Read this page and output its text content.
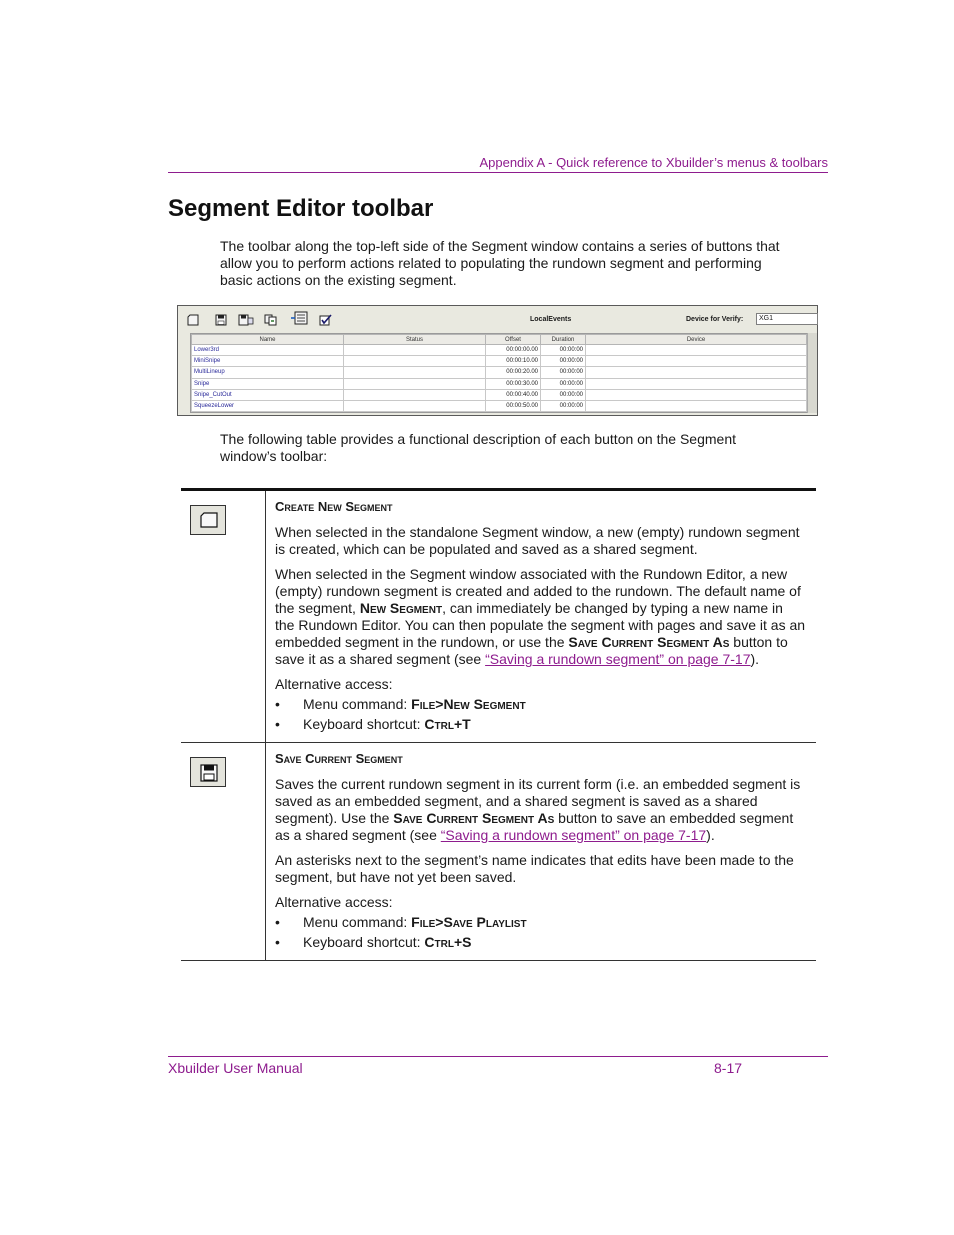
Appendix A - Quick reference to Xbuilder’s menus & toolbars
Segment Editor toolbar

The toolbar along the top-left side of the Segment window contains a series of buttons that allow you to perform actions related to populating the rundown segment and performing basic actions on the existing segment.

LocalEvents	Device for Verify:	XG1
Name	Status	Offset	Duration	Device
Lower3rd		00:00:00.00	00:00:00	
MiniSnipe		00:00:10.00	00:00:00	
MultiLineup		00:00:20.00	00:00:00	
Snipe		00:00:30.00	00:00:00	
Snipe_CutOut		00:00:40.00	00:00:00	
SqueezeLower		00:00:50.00	00:00:00	

The following table provides a functional description of each button on the Segment window’s toolbar:

Create New Segment

When selected in the standalone Segment window, a new (empty) rundown segment is created, which can be populated and saved as a shared segment.

When selected in the Segment window associated with the Rundown Editor, a new (empty) rundown segment is created and added to the rundown. The default name of the segment, New Segment, can immediately be changed by typing a new name in the Rundown Editor. You can then populate the segment with pages and save it as an embedded segment in the rundown, or use the Save Current Segment As button to save it as a shared segment (see “Saving a rundown segment” on page 7-17).

Alternative access:

•	Menu command: File>New Segment
•	Keyboard shortcut: Ctrl+T
Save Current Segment

Saves the current rundown segment in its current form (i.e. an embedded segment is saved as an embedded segment, and a shared segment is saved as a shared segment). Use the Save Current Segment As button to save an embedded segment as a shared segment (see “Saving a rundown segment” on page 7-17).

An asterisks next to the segment’s name indicates that edits have been made to the segment, but have not yet been saved.

Alternative access:

•	Menu command: File>Save Playlist
•	Keyboard shortcut: Ctrl+S
Xbuilder User Manual	8-17
